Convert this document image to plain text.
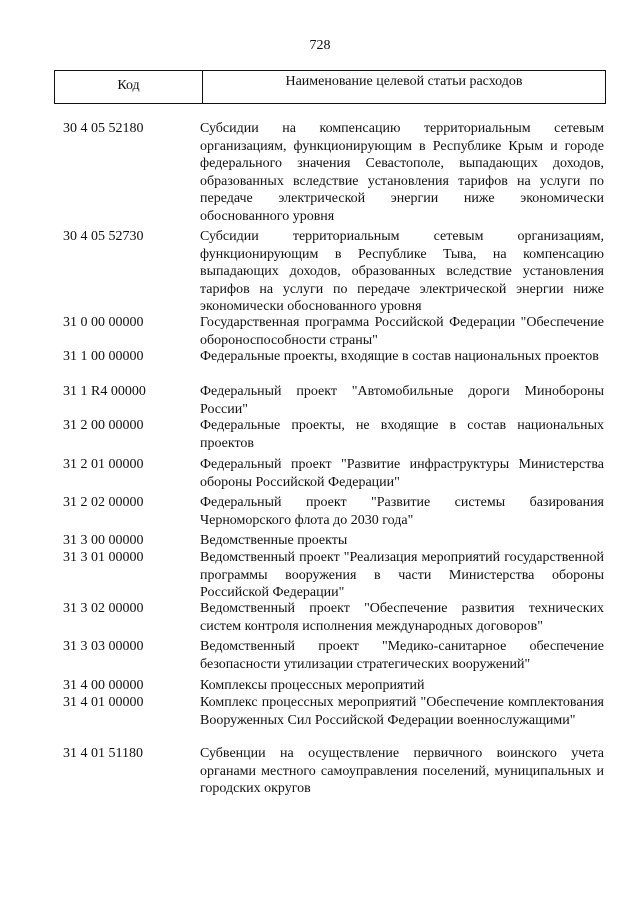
728
Код	Наименование целевой статьи расходов
30 4 05 52180	Субсидии на компенсацию территориальным сетевым организациям, функционирующим в Республике Крым и городе федерального значения Севастополе, выпадающих доходов, образованных вследствие установления тарифов на услуги по передаче электрической энергии ниже экономически обоснованного уровня
30 4 05 52730	Субсидии территориальным сетевым организациям, функционирующим в Республике Тыва, на компенсацию выпадающих доходов, образованных вследствие установления тарифов на услуги по передаче электрической энергии ниже экономически обоснованного уровня
31 0 00 00000	Государственная программа Российской Федерации "Обеспечение обороноспособности страны"
31 1 00 00000	Федеральные проекты, входящие в состав национальных проектов
31 1 R4 00000	Федеральный проект "Автомобильные дороги Минобороны России"
31 2 00 00000	Федеральные проекты, не входящие в состав национальных проектов
31 2 01 00000	Федеральный проект "Развитие инфраструктуры Министерства обороны Российской Федерации"
31 2 02 00000	Федеральный проект "Развитие системы базирования Черноморского флота до 2030 года"
31 3 00 00000	Ведомственные проекты
31 3 01 00000	Ведомственный проект "Реализация мероприятий государственной программы вооружения в части Министерства обороны Российской Федерации"
31 3 02 00000	Ведомственный проект "Обеспечение развития технических систем контроля исполнения международных договоров"
31 3 03 00000	Ведомственный проект "Медико-санитарное обеспечение безопасности утилизации стратегических вооружений"
31 4 00 00000	Комплексы процессных мероприятий
31 4 01 00000	Комплекс процессных мероприятий "Обеспечение комплектования Вооруженных Сил Российской Федерации военнослужащими"
31 4 01 51180	Субвенции на осуществление первичного воинского учета органами местного самоуправления поселений, муниципальных и городских округов
